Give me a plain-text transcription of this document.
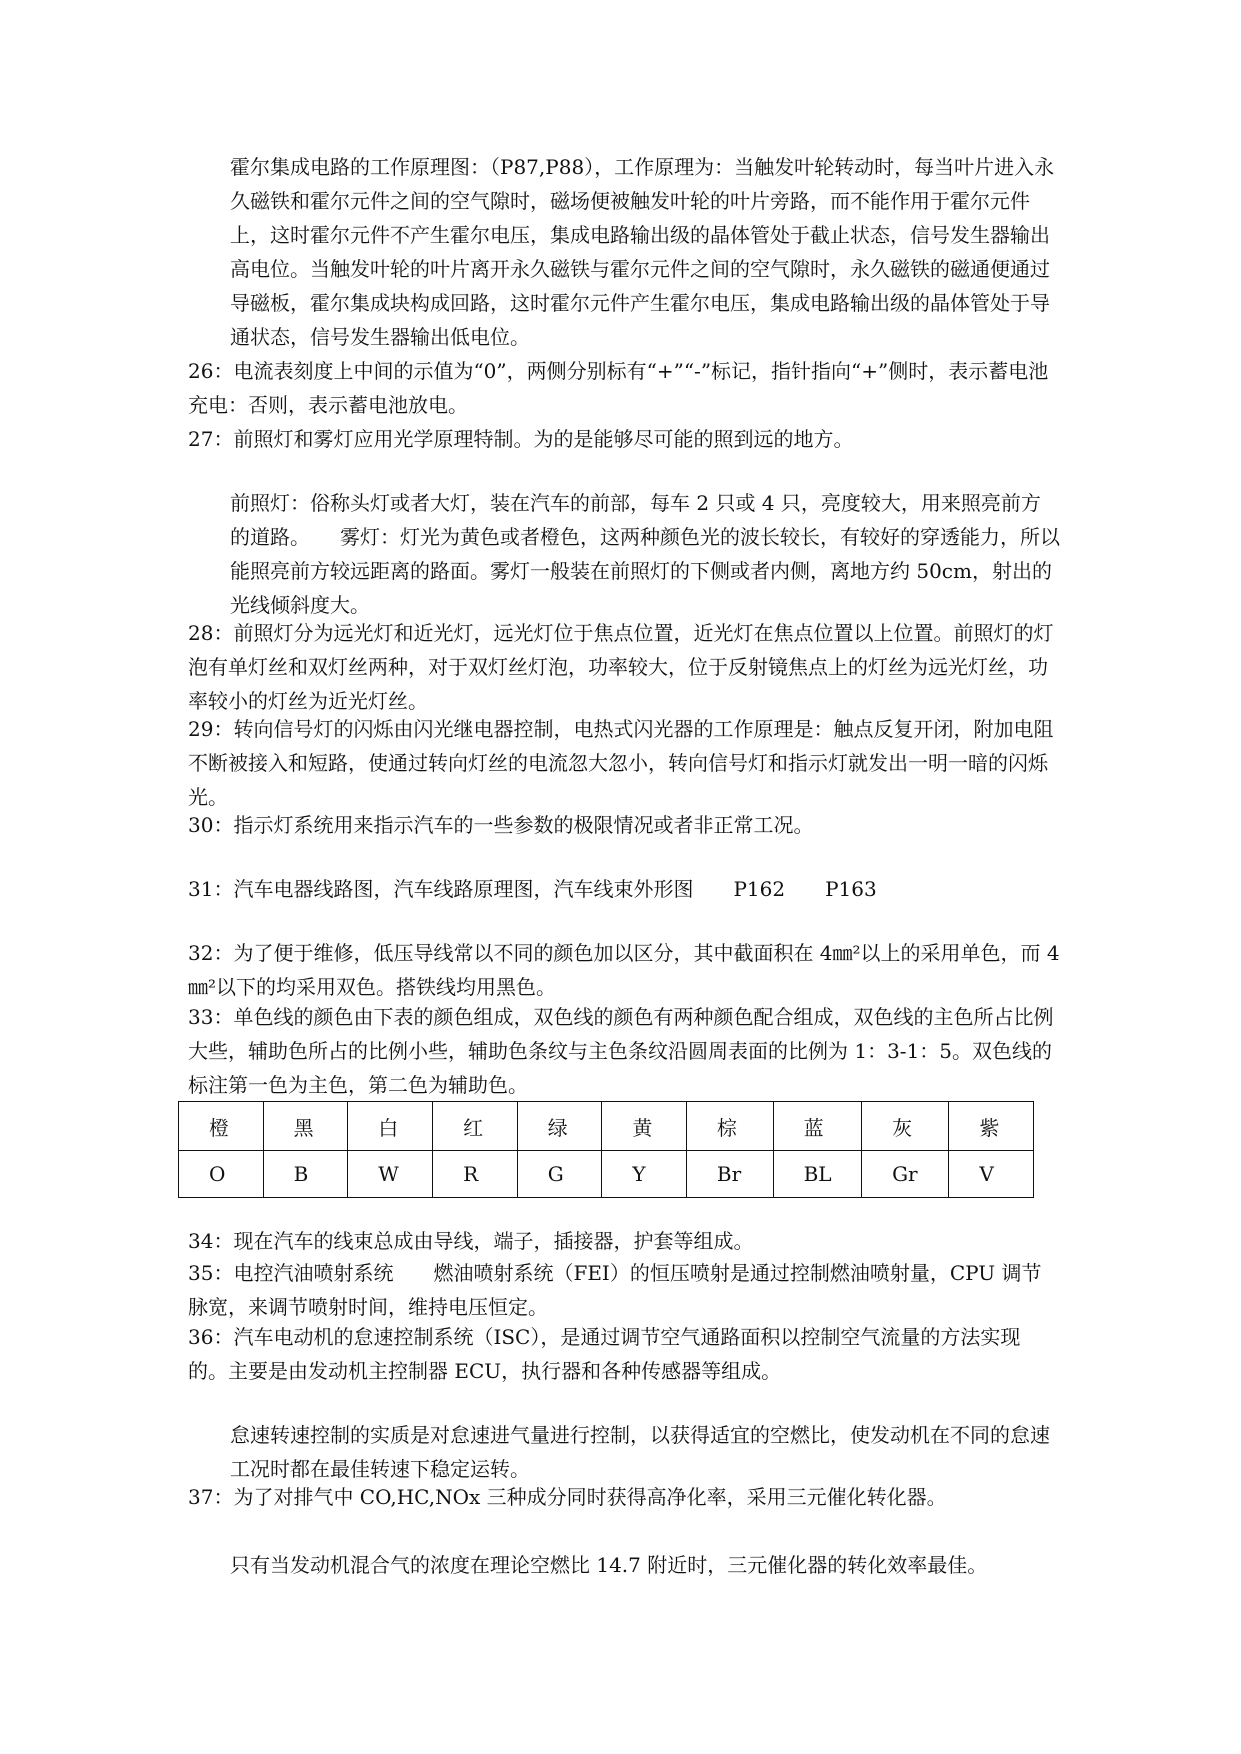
霍尔集成电路的工作原理图：（P87,P88），工作原理为：当触发叶轮转动时，每当叶片进入永久磁铁和霍尔元件之间的空气隙时，磁场便被触发叶轮的叶片旁路，而不能作用于霍尔元件上，这时霍尔元件不产生霍尔电压，集成电路输出级的晶体管处于截止状态，信号发生器输出高电位。当触发叶轮的叶片离开永久磁铁与霍尔元件之间的空气隙时，永久磁铁的磁通便通过导磁板，霍尔集成块构成回路，这时霍尔元件产生霍尔电压，集成电路输出级的晶体管处于导通状态，信号发生器输出低电位。

26：电流表刻度上中间的示值为“0”，两侧分别标有“+”“-”标记，指针指向“+”侧时，表示蓄电池充电：否则，表示蓄电池放电。

27：前照灯和雾灯应用光学原理特制。为的是能够尽可能的照到远的地方。

前照灯：俗称头灯或者大灯，装在汽车的前部，每车 2 只或 4 只，亮度较大，用来照亮前方的道路。　　雾灯：灯光为黄色或者橙色，这两种颜色光的波长较长，有较好的穿透能力，所以能照亮前方较远距离的路面。雾灯一般装在前照灯的下侧或者内侧，离地方约 50cm，射出的光线倾斜度大。

28：前照灯分为远光灯和近光灯，远光灯位于焦点位置，近光灯在焦点位置以上位置。前照灯的灯泡有单灯丝和双灯丝两种，对于双灯丝灯泡，功率较大，位于反射镜焦点上的灯丝为远光灯丝，功率较小的灯丝为近光灯丝。

29：转向信号灯的闪烁由闪光继电器控制，电热式闪光器的工作原理是：触点反复开闭，附加电阻不断被接入和短路，使通过转向灯丝的电流忽大忽小，转向信号灯和指示灯就发出一明一暗的闪烁光。

30：指示灯系统用来指示汽车的一些参数的极限情况或者非正常工况。

31：汽车电器线路图，汽车线路原理图，汽车线束外形图　　P162　　P163

32：为了便于维修，低压导线常以不同的颜色加以区分，其中截面积在 4㎜²以上的采用单色，而 4㎜²以下的均采用双色。搭铁线均用黑色。

33：单色线的颜色由下表的颜色组成，双色线的颜色有两种颜色配合组成，双色线的主色所占比例大些，辅助色所占的比例小些，辅助色条纹与主色条纹沿圆周表面的比例为 1：3-1：5。双色线的标注第一色为主色，第二色为辅助色。

橙	黑	白	红	绿	黄	棕	蓝	灰	紫
O	B	W	R	G	Y	Br	BL	Gr	V

34：现在汽车的线束总成由导线，端子，插接器，护套等组成。

35：电控汽油喷射系统　　燃油喷射系统（FEI）的恒压喷射是通过控制燃油喷射量，CPU 调节脉宽，来调节喷射时间，维持电压恒定。

36：汽车电动机的怠速控制系统（ISC），是通过调节空气通路面积以控制空气流量的方法实现的。主要是由发动机主控制器 ECU，执行器和各种传感器等组成。

怠速转速控制的实质是对怠速进气量进行控制，以获得适宜的空燃比，使发动机在不同的怠速工况时都在最佳转速下稳定运转。

37：为了对排气中 CO,HC,NOx 三种成分同时获得高净化率，采用三元催化转化器。

只有当发动机混合气的浓度在理论空燃比 14.7 附近时，三元催化器的转化效率最佳。
